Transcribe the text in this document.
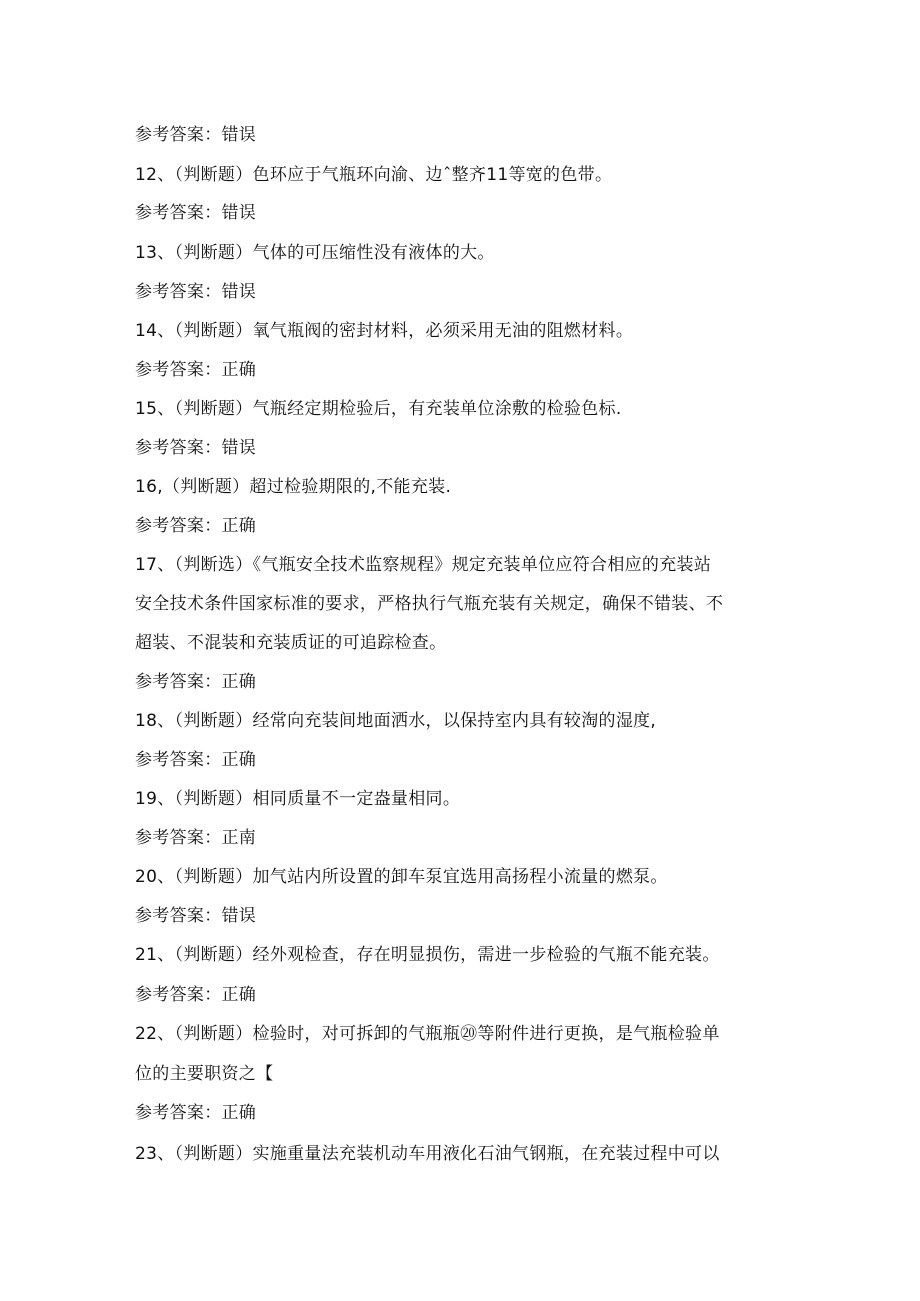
参考答案：错误
12、（判断题）色环应于气瓶环向渝、边ˆ整齐11等宽的色带。
参考答案：错误
13、（判断题）气体的可压缩性没有液体的大。
参考答案：错误
14、（判断题）氧气瓶阀的密封材料，必须采用无油的阻燃材料。
参考答案：正确
15、（判断题）气瓶经定期检验后，有充装单位涂敷的检验色标.
参考答案：错误
16,（判断题）超过检验期限的,不能充装.
参考答案：正确
17、（判断选）《气瓶安全技术监察规程》规定充装单位应符合相应的充装站
安全技术条件国家标准的要求，严格执行气瓶充装有关规定，确保不错装、不
超装、不混装和充装质证的可追踪检查。
参考答案：正确
18、（判断题）经常向充装间地面洒水，以保持室内具有较淘的湿度,
参考答案：正确
19、（判断题）相同质量不一定盎量相同。
参考答案：正南
20、（判断题）加气站内所设置的卸车泵宜选用高扬程小流量的燃泵。
参考答案：错误
21、（判断题）经外观检查，存在明显损伤，需进一步检验的气瓶不能充装。
参考答案：正确
22、（判断题）检验时，对可拆卸的气瓶瓶⑳等附件进行更换，是气瓶检验单
位的主要职资之【
参考答案：正确
23、（判断题）实施重量法充装机动车用液化石油气钢瓶，在充装过程中可以
